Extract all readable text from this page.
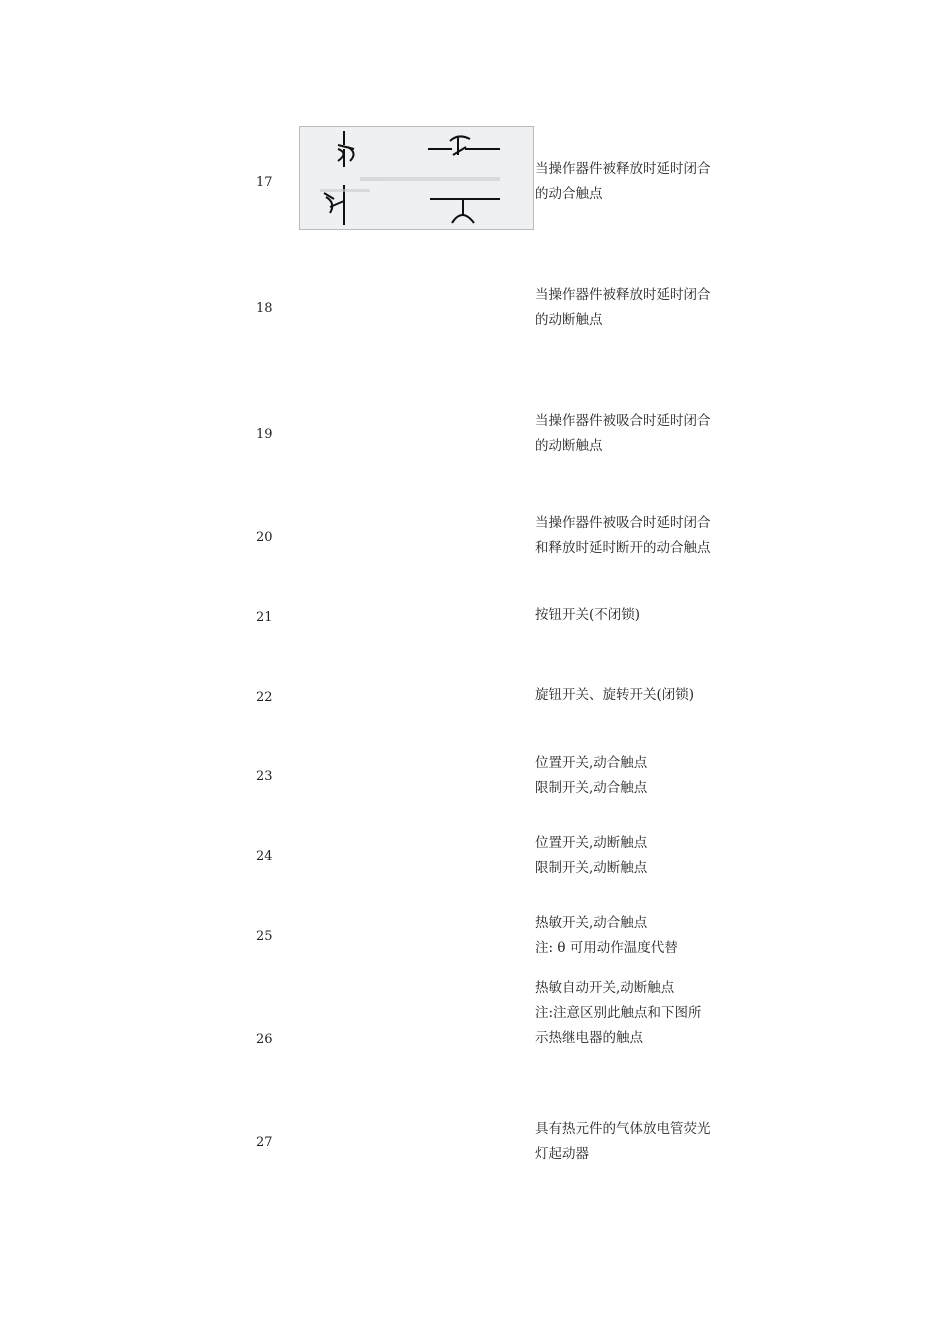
17
当操作器件被释放时延时闭合
的动合触点
18
当操作器件被释放时延时闭合
的动断触点
19
当操作器件被吸合时延时闭合
的动断触点
20
当操作器件被吸合时延时闭合
和释放时延时断开的动合触点
21	按钮开关(不闭锁)
22	旋钮开关、旋转开关(闭锁)
23
位置开关,动合触点
限制开关,动合触点
24
位置开关,动断触点
限制开关,动断触点
25
热敏开关,动合触点
注: θ 可用动作温度代替
26
热敏自动开关,动断触点
注:注意区别此触点和下图所
示热继电器的触点
27
具有热元件的气体放电管荧光
灯起动器
